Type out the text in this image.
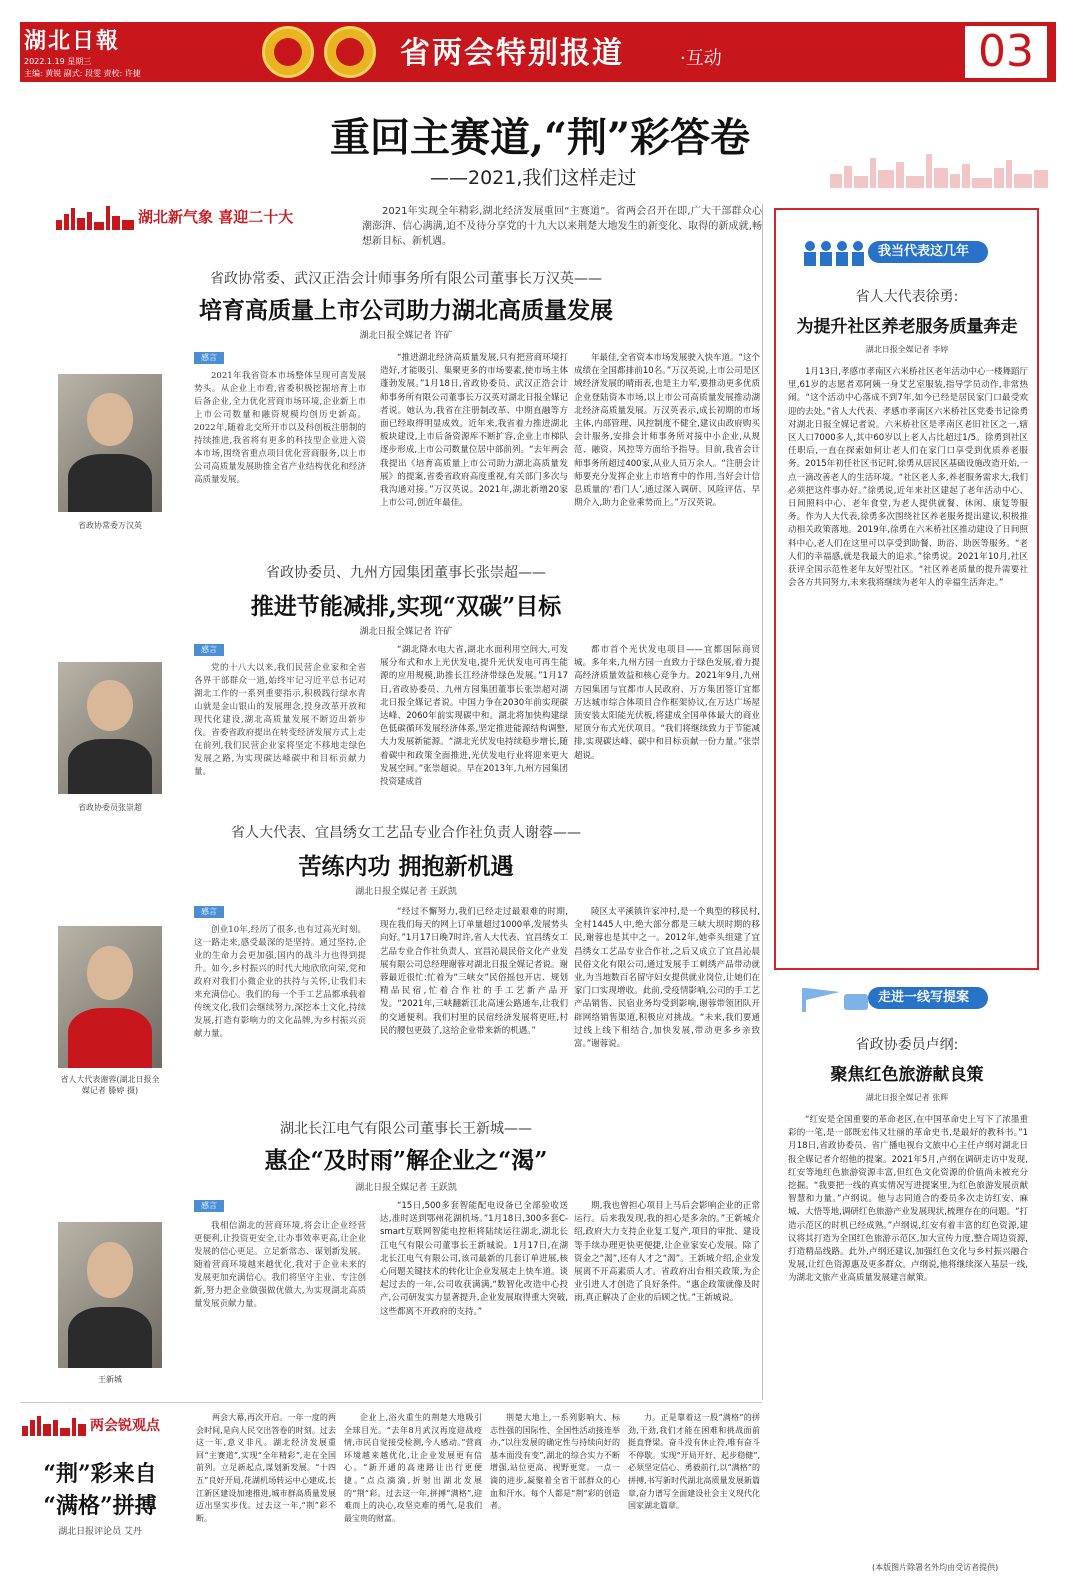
湖北日報
2022.1.19 星期三
主编: 黄锐 副式: 段雯 责校: 许捷
省两会特别报道	·互动	03
重回主赛道,“荆”彩答卷
——2021,我们这样走过
湖北新气象 喜迎二十大	2021年实现全年精彩,湖北经济发展重回“主赛道”。省两会召开在即,广大干部群众心潮澎湃、信心满满,迫不及待分享党的十九大以来荆楚大地发生的新变化、取得的新成就,畅想新目标、新机遇。
省政协常委、武汉正浩会计师事务所有限公司董事长万汉英——
培育高质量上市公司助力湖北高质量发展
湖北日报全媒记者 许矿
感言
省政协常委万汉英
2021年我省资本市场整体呈现可喜发展势头。从企业上市看,省委积极挖掘培育上市后备企业,全力优化营商市场环境,企业新上市上市公司数量和融资规模均创历史新高。2022年,随着北交所开市以及科创板注册制的持续推进,我省将有更多的科技型企业进入资本市场,围绕省重点项目优化营商服务,以上市公司高质量发展助推全省产业结构优化和经济高质量发展。
“推进湖北经济高质量发展,只有把营商环境打造好,才能吸引、集聚更多的市场要素,使市场主体蓬勃发展。”1月18日,省政协委员、武汉正浩会计师事务所有限公司董事长万汉英对湖北日报全媒记者说。她认为,我省在注册制改革、中期直融等方面已经取得明显成效。近年来,我省着力推进湖北板块建设,上市后备资源库不断扩容,企业上市梯队逐步形成,上市公司数量位居中部前列。“去年两会我提出《培育高质量上市公司助力湖北高质量发展》的提案,省委省政府高度重视,有关部门多次与我沟通对接。”万汉英说。2021年,湖北新增20家上市公司,创近年最佳。
年最佳,全省资本市场发展驶入快车道。“这个成绩在全国都排前10名。”万汉英说,上市公司是区域经济发展的晴雨表,也是主力军,要推动更多优质企业登陆资本市场,以上市公司高质量发展推动湖北经济高质量发展。万汉英表示,成长初期的市场主体,内部管理、风控制度不健全,建议由政府购买会计服务,安排会计师事务所对接中小企业,从规范、融资、风控等方面给予指导。目前,我省会计师事务所超过400家,从业人员万余人。“注册会计师要充分发挥企业上市培育中的作用,当好会计信息质量的‘看门人’,通过深入调研、风险评估、早期介入,助力企业乘势而上。”万汉英说。
省政协委员、九州方园集团董事长张崇超——
推进节能减排,实现“双碳”目标
湖北日报全媒记者 许矿
感言
省政协委员张崇超
党的十八大以来,我们民营企业家和全省各界干部群众一道,始终牢记习近平总书记对湖北工作的一系列重要指示,积极践行绿水青山就是金山银山的发展理念,投身改革开放和现代化建设,湖北高质量发展不断迈出新步伐。省委省政府提出在转变经济发展方式上走在前列,我们民营企业家将坚定不移地走绿色发展之路,为实现碳达峰碳中和目标贡献力量。
“湖北降水电大省,湖北水面利用空间大,可发展分布式和水上光伏发电,提升光伏发电可再生能源的应用规模,助推长江经济带绿色发展。”1月17日,省政协委员、九州方园集团董事长张崇超对湖北日报全媒记者说。中国力争在2030年前实现碳达峰、2060年前实现碳中和。湖北将加快构建绿色低碳循环发展经济体系,坚定推进能源结构调整,大力发展新能源。“湖北光伏发电持续稳步增长,随着碳中和政策全面推进,光伏发电行业将迎来更大发展空间。”张崇超说。早在2013年,九州方园集团投资建成首
都市首个光伏发电项目——宜都国际商贸城。多年来,九州方园一直致力于绿色发展,着力提高经济质量效益和核心竞争力。2021年9月,九州方园集团与宜都市人民政府、万方集团签订宜都万达城市综合体项目合作框架协议,在万达广场屋顶安装太阳能光伏板,将建成全国单体最大的商业屋顶分布式光伏项目。“我们将继续致力于节能减排,实现碳达峰、碳中和目标贡献一份力量。”张崇超说。
省人大代表、宜昌绣女工艺品专业合作社负责人谢蓉——
苦练内功 拥抱新机遇
湖北日报全媒记者 王跃凯
感言
省人大代表谢蓉(湖北日报全媒记者 滕婷 摄)
创业10年,经历了很多,也有过高光时刻。这一路走来,感受最深的是坚持。通过坚持,企业的生命力会更加强,国内的战斗力也得到提升。如今,乡村振兴的时代大地欣欣向荣,党和政府对我们小微企业的扶持与关怀,让我们未来充满信心。我们的每一个手工艺品都承载着传统文化,我们会继续努力,深挖本土文化,持续发展,打造有影响力的文化品牌,为乡村振兴贡献力量。
“经过不懈努力,我们已经走过最艰难的时期,现在我们每天的网上订单量超过1000单,发展势头向好。”1月17日晚7时许,省人大代表、宜昌绣女工艺品专业合作社负责人、宜昌沁晨民俗文化产业发展有限公司总经理谢蓉对湖北日报全媒记者说。谢蓉最近很忙:忙着为“三峡女”民俗摇包开店、规划精品民宿,忙着合作社的手工艺新产品开发。“2021年,三峡翻新江北高速公路通车,让我们的交通便利。我们村里的民宿经济发展将更旺,村民的腰包更鼓了,这给企业带来新的机遇。”
陵区太平溪镇许家冲村,是一个典型的移民村,全村1445人中,绝大部分都是三峡大坝时期的移民,谢蓉也是其中之一。2012年,她牵头组建了宜昌绣女工艺品专业合作社,之后又成立了宜昌沁晨民俗文化有限公司,通过发展手工刺绣产品带动就业,为当地数百名留守妇女提供就业岗位,让她们在家门口实现增收。此前,受疫情影响,公司的手工艺产品销售、民宿业务均受到影响,谢蓉带领团队开辟网络销售渠道,积极应对挑战。“未来,我们要通过线上线下相结合,加快发展,带动更多乡亲致富。”谢蓉说。
湖北长江电气有限公司董事长王新城——
惠企“及时雨”解企业之“渴”
湖北日报全媒记者 王跃凯
感言
王新城
我相信湖北的营商环境,将会让企业经营更便利,让投资更安全,让办事效率更高,让企业发展的信心更足。立足新常态、谋划新发展。随着营商环境越来越优化,我对于企业未来的发展更加充满信心。我们将坚守主业、专注创新,努力把企业做强做优做大,为实现湖北高质量发展贡献力量。
“15日,500多套智能配电设备已全部验收送达,准时送到鄂州花湖机场。”1月18日,300多套C-smart互联网智能电控柜将陆续运往湖北,湖北长江电气有限公司董事长王新城说。1月17日,在湖北长江电气有限公司,该司最新的几套订单进展,核心问题关键技术的转化让企业发展走上快车道。谈起过去的一年,公司收获满满,“数智化改造中心投产,公司研发实力显著提升,企业发展取得重大突破,这些都离不开政府的支持。”
期,我也曾担心项目上马后会影响企业的正常运行。后来我发现,我的担心是多余的。”王新城介绍,政府大力支持企业复工复产,项目的审批、建设等手续办理更快更便捷,让企业家安心发展。除了资金之“渴”,还有人才之“渴”。王新城介绍,企业发展离不开高素质人才。省政府出台相关政策,为企业引进人才创造了良好条件。“惠企政策就像及时雨,真正解决了企业的后顾之忧。”王新城说。
我当代表这几年
省人大代表徐勇:
为提升社区养老服务质量奔走
湖北日报全媒记者 李婷
1月13日,孝感市孝南区六米桥社区老年活动中心一楼舞蹈厅里,61岁的志愿者邓阿姨一身艾艺室服装,指导学员动作,非常热闹。“这个活动中心落成不到7年,如今已经是居民家门口最受欢迎的去处。”省人大代表、孝感市孝南区六米桥社区党委书记徐勇对湖北日报全媒记者说。六米桥社区是孝南区老旧社区之一,辖区人口7000多人,其中60岁以上老人占比超过1/5。徐勇到社区任职后,一直在探索如何让老人们在家门口享受到优质养老服务。2015年初任社区书记时,徐勇从居民区基础设施改造开始,一点一滴改善老人的生活环境。“社区老人多,养老服务需求大,我们必须把这件事办好。”徐勇说,近年来社区建起了老年活动中心、日间照料中心、老年食堂,为老人提供就餐、休闲、康复等服务。作为人大代表,徐勇多次围绕社区养老服务提出建议,积极推动相关政策落地。2019年,徐勇在六米桥社区推动建设了日间照料中心,老人们在这里可以享受到助餐、助浴、助医等服务。“老人们的幸福感,就是我最大的追求。”徐勇说。2021年10月,社区获评全国示范性老年友好型社区。“社区养老质量的提升需要社会各方共同努力,未来我将继续为老年人的幸福生活奔走。”
走进一线写提案
省政协委员卢纲:
聚焦红色旅游献良策
湖北日报全媒记者 张辉
“红安是全国重要的革命老区,在中国革命史上写下了浓墨重彩的一笔,是一部既宏伟又壮丽的革命史书,是最好的教科书。”1月18日,省政协委员、省广播电视台文旅中心主任卢纲对湖北日报全媒记者介绍他的提案。2021年5月,卢纲在调研走访中发现,红安等地红色旅游资源丰富,但红色文化资源的价值尚未被充分挖掘。“我要把一线的真实情况写进提案里,为红色旅游发展贡献智慧和力量。”卢纲说。他与志同道合的委员多次走访红安、麻城、大悟等地,调研红色旅游产业发展现状,梳理存在的问题。“打造示范区的时机已经成熟。”卢纲说,红安有着丰富的红色资源,建议将其打造为全国红色旅游示范区,加大宣传力度,整合周边资源,打造精品线路。此外,卢纲还建议,加强红色文化与乡村振兴融合发展,让红色资源惠及更多群众。卢纲说,他将继续深入基层一线,为湖北文旅产业高质量发展建言献策。
两会锐观点
“荆”彩来自
“满格”拼搏
湖北日报评论员 艾丹
两会大幕,再次开启。一年一度的两会时间,是向人民交出答卷的时刻。过去这一年,意义非凡。湖北经济发展重回“主赛道”,实现“全年精彩”,走在全国前列。立足新起点,谋划新发展。“十四五”良好开局,花湖机场转运中心建成,长江新区建设加速推进,城市群高质量发展迈出坚实步伐。过去这一年,“荆”彩不断。
企业上,浴火重生的荆楚大地吸引全球目光。“去年8月武汉再度迎战疫情,市民自觉接受检测,今人感动。”营商环境越来越优化,让企业发展更有信心。“新开通的高速路让出行更便捷。”点点滴滴,折射出湖北发展的“荆”彩。过去这一年,拼搏“满格”,迎难而上的决心,攻坚克难的勇气,是我们最宝贵的财富。
荆楚大地上,一系列影响大、标志性强的国际性、全国性活动接连举办,“以往发展的确定性与持续向好的基本面没有变”,湖北的综合实力不断增强,站位更高、视野更宽。一点一滴的进步,凝聚着全省干部群众的心血和汗水。每个人都是“荆”彩的创造者。
力。正是靠着这一股“满格”的拼劲,干劲,我们才能在困难和挑战面前挺直脊梁。奋斗没有休止符,唯有奋斗不停歇。实现“开局开好、起步稳健”,必须坚定信心、勇毅前行,以“满格”的拼搏,书写新时代湖北高质量发展新篇章,奋力谱写全面建设社会主义现代化国家湖北篇章。
(本版图片除署名外均由受访者提供)
